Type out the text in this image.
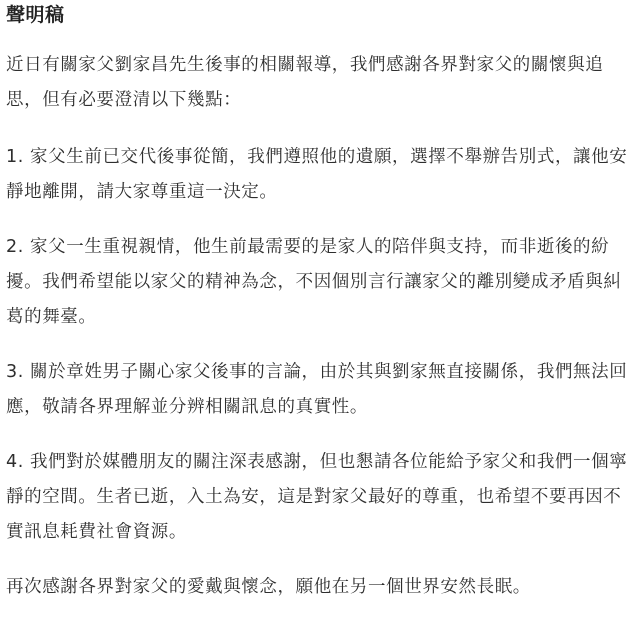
聲明稿
近日有關家父劉家昌先生後事的相關報導，我們感謝各界對家父的關懷與追思，但有必要澄清以下幾點：
1. 家父生前已交代後事從簡，我們遵照他的遺願，選擇不舉辦告別式，讓他安靜地離開，請大家尊重這一決定。
2. 家父一生重視親情，他生前最需要的是家人的陪伴與支持，而非逝後的紛擾。我們希望能以家父的精神為念，不因個別言行讓家父的離別變成矛盾與糾葛的舞臺。
3. 關於章姓男子關心家父後事的言論，由於其與劉家無直接關係，我們無法回應，敬請各界理解並分辨相關訊息的真實性。
4. 我們對於媒體朋友的關注深表感謝，但也懇請各位能給予家父和我們一個寧靜的空間。生者已逝，入土為安，這是對家父最好的尊重，也希望不要再因不實訊息耗費社會資源。
再次感謝各界對家父的愛戴與懷念，願他在另一個世界安然長眠。
